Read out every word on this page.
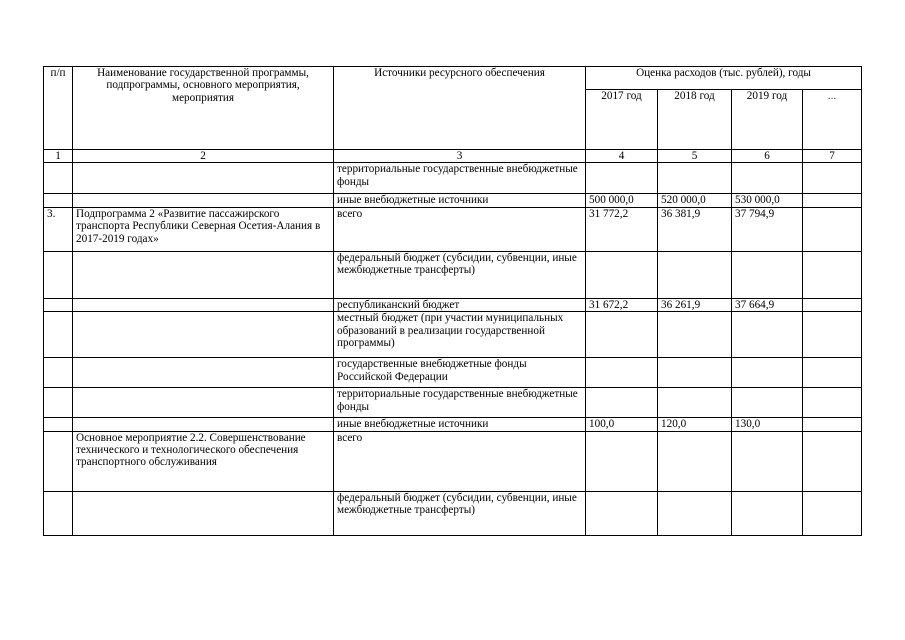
п/п	Наименование государственной программы, подпрограммы, основного мероприятия, мероприятия	Источники ресурсного обеспечения	Оценка расходов (тыс. рублей), годы			
			2017 год	2018 год	2019 год	...
1	2	3	4	5	6	7
		территориальные государственные внебюджетные фонды				
		иные внебюджетные источники	500 000,0	520 000,0	530 000,0	
3.	Подпрограмма 2 «Развитие пассажирского транспорта Республики Северная Осетия-Алания в 2017-2019 годах»	всего	31 772,2	36 381,9	37 794,9	
		федеральный бюджет (субсидии, субвенции, иные межбюджетные трансферты)				
		республиканский бюджет	31 672,2	36 261,9	37 664,9	
		местный бюджет (при участии муниципальных образований в реализации государственной программы)				
		государственные внебюджетные фонды Российской Федерации				
		территориальные государственные внебюджетные фонды				
		иные внебюджетные источники	100,0	120,0	130,0	
	Основное мероприятие 2.2. Совершенствование технического и технологического обеспечения транспортного обслуживания	всего				
		федеральный бюджет (субсидии, субвенции, иные межбюджетные трансферты)				
